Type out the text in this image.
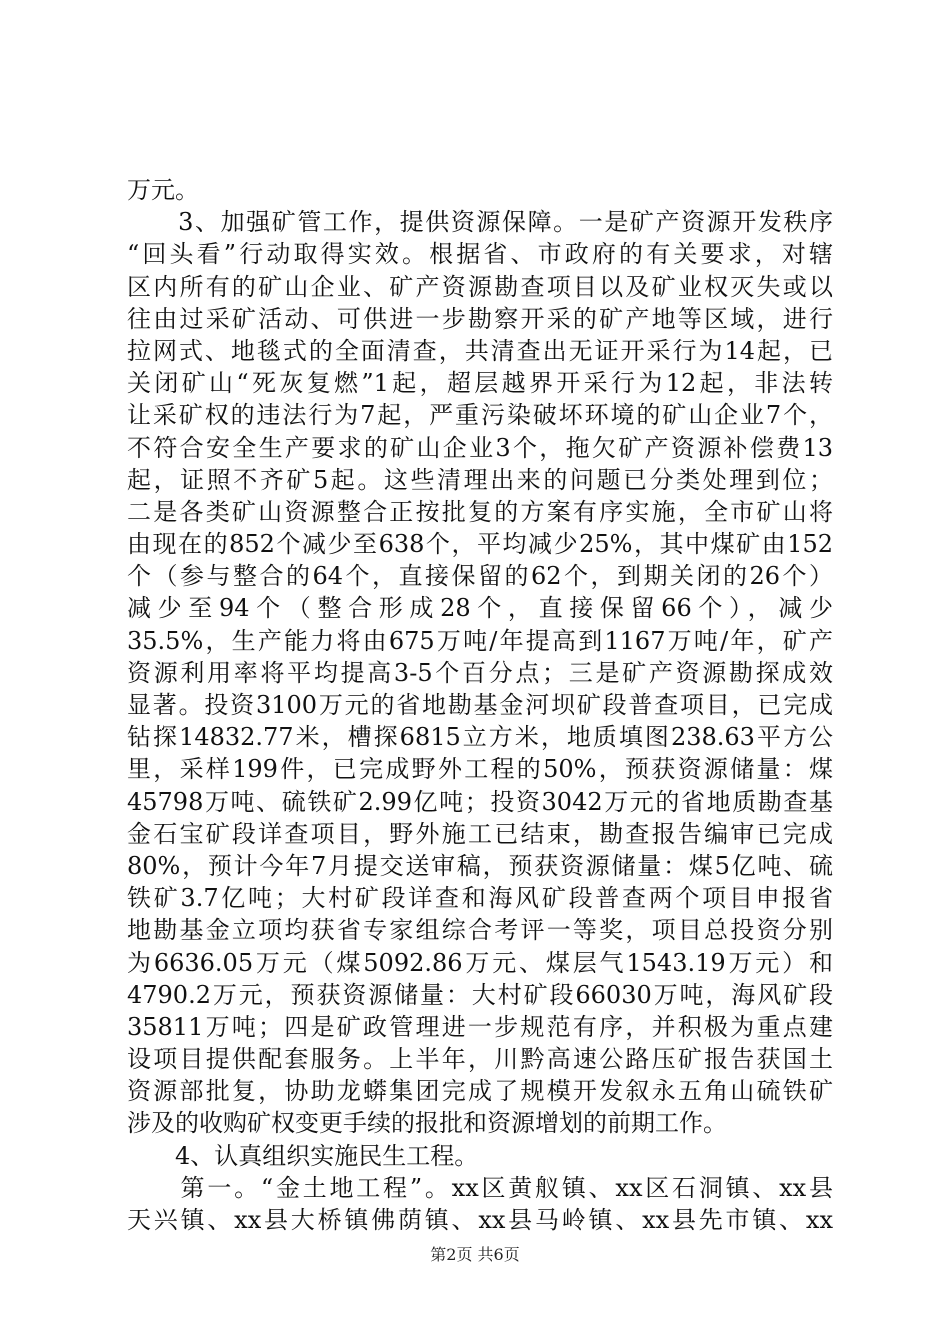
万元。
　　3、加强矿管工作，提供资源保障。一是矿产资源开发秩序
“回头看”行动取得实效。根据省、市政府的有关要求，对辖
区内所有的矿山企业、矿产资源勘查项目以及矿业权灭失或以
往由过采矿活动、可供进一步勘察开采的矿产地等区域，进行
拉网式、地毯式的全面清查，共清查出无证开采行为14起，已
关闭矿山“死灰复燃”1起，超层越界开采行为12起，非法转
让采矿权的违法行为7起，严重污染破坏环境的矿山企业7个，
不符合安全生产要求的矿山企业3个，拖欠矿产资源补偿费13
起，证照不齐矿5起。这些清理出来的问题已分类处理到位；
二是各类矿山资源整合正按批复的方案有序实施，全市矿山将
由现在的852个减少至638个，平均减少25%，其中煤矿由152
个（参与整合的64个，直接保留的62个，到期关闭的26个）
减少至94个（整合形成28个，直接保留66个），减少
35.5%，生产能力将由675万吨/年提高到1167万吨/年，矿产
资源利用率将平均提高3-5个百分点；三是矿产资源勘探成效
显著。投资3100万元的省地勘基金河坝矿段普查项目，已完成
钻探14832.77米，槽探6815立方米，地质填图238.63平方公
里，采样199件，已完成野外工程的50%，预获资源储量：煤
45798万吨、硫铁矿2.99亿吨；投资3042万元的省地质勘查基
金石宝矿段详查项目，野外施工已结束，勘查报告编审已完成
80%，预计今年7月提交送审稿，预获资源储量：煤5亿吨、硫
铁矿3.7亿吨；大村矿段详查和海风矿段普查两个项目申报省
地勘基金立项均获省专家组综合考评一等奖，项目总投资分别
为6636.05万元（煤5092.86万元、煤层气1543.19万元）和
4790.2万元，预获资源储量：大村矿段66030万吨，海风矿段
35811万吨；四是矿政管理进一步规范有序，并积极为重点建
设项目提供配套服务。上半年，川黔高速公路压矿报告获国土
资源部批复，协助龙蟒集团完成了规模开发叙永五角山硫铁矿
涉及的收购矿权变更手续的报批和资源增划的前期工作。
　　4、认真组织实施民生工程。
　　第一。“金土地工程”。xx区黄舣镇、xx区石洞镇、xx县
天兴镇、xx县大桥镇佛荫镇、xx县马岭镇、xx县先市镇、xx
第2页 共6页
